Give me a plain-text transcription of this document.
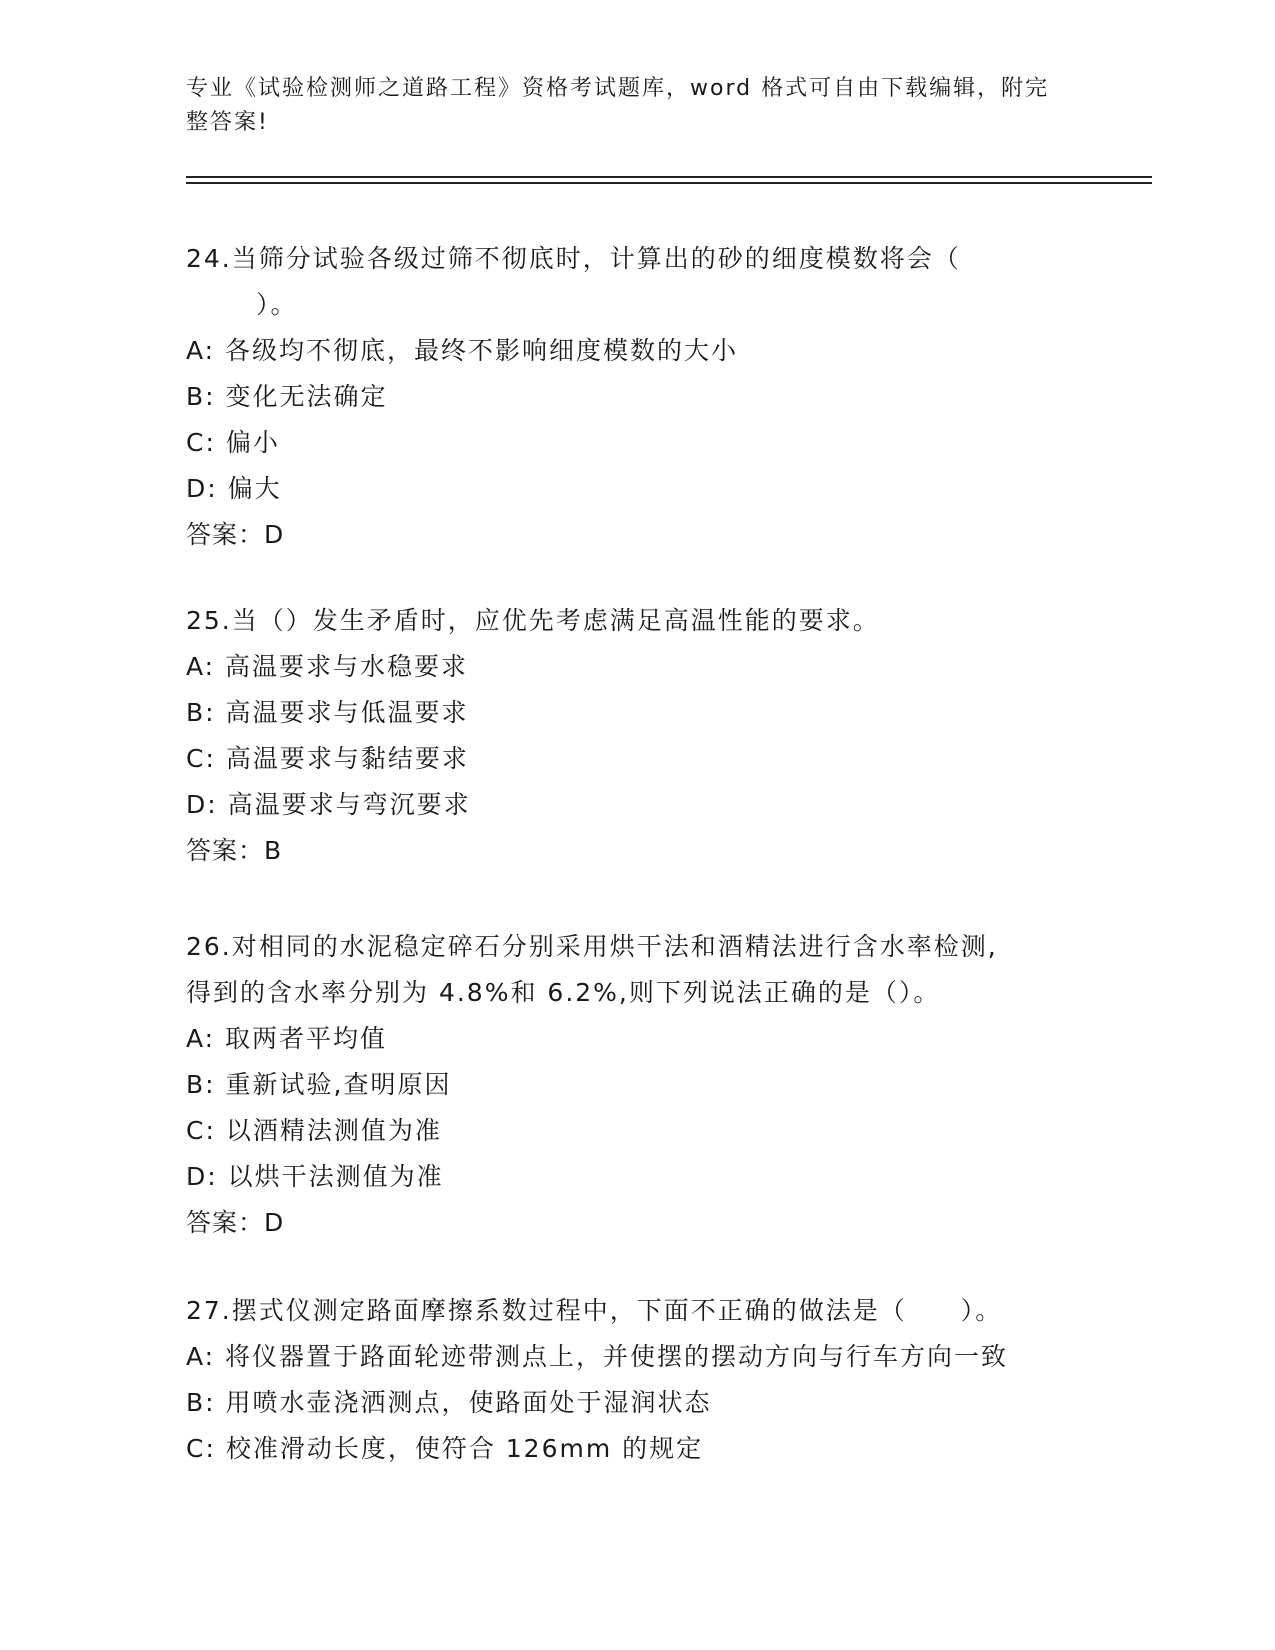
专业《试验检测师之道路工程》资格考试题库，word 格式可自由下载编辑，附完
整答案!
24.当筛分试验各级过筛不彻底时，计算出的砂的细度模数将会（
）。
A: 各级均不彻底，最终不影响细度模数的大小
B: 变化无法确定
C: 偏小
D: 偏大
答案：D
25.当（）发生矛盾时，应优先考虑满足高温性能的要求。
A: 高温要求与水稳要求
B: 高温要求与低温要求
C: 高温要求与黏结要求
D: 高温要求与弯沉要求
答案：B
26.对相同的水泥稳定碎石分别采用烘干法和酒精法进行含水率检测,
得到的含水率分别为 4.8%和 6.2%,则下列说法正确的是（）。
A: 取两者平均值
B: 重新试验,查明原因
C: 以酒精法测值为准
D: 以烘干法测值为准
答案：D
27.摆式仪测定路面摩擦系数过程中，下面不正确的做法是（　　）。
A: 将仪器置于路面轮迹带测点上，并使摆的摆动方向与行车方向一致
B: 用喷水壶浇洒测点，使路面处于湿润状态
C: 校准滑动长度，使符合 126mm 的规定
